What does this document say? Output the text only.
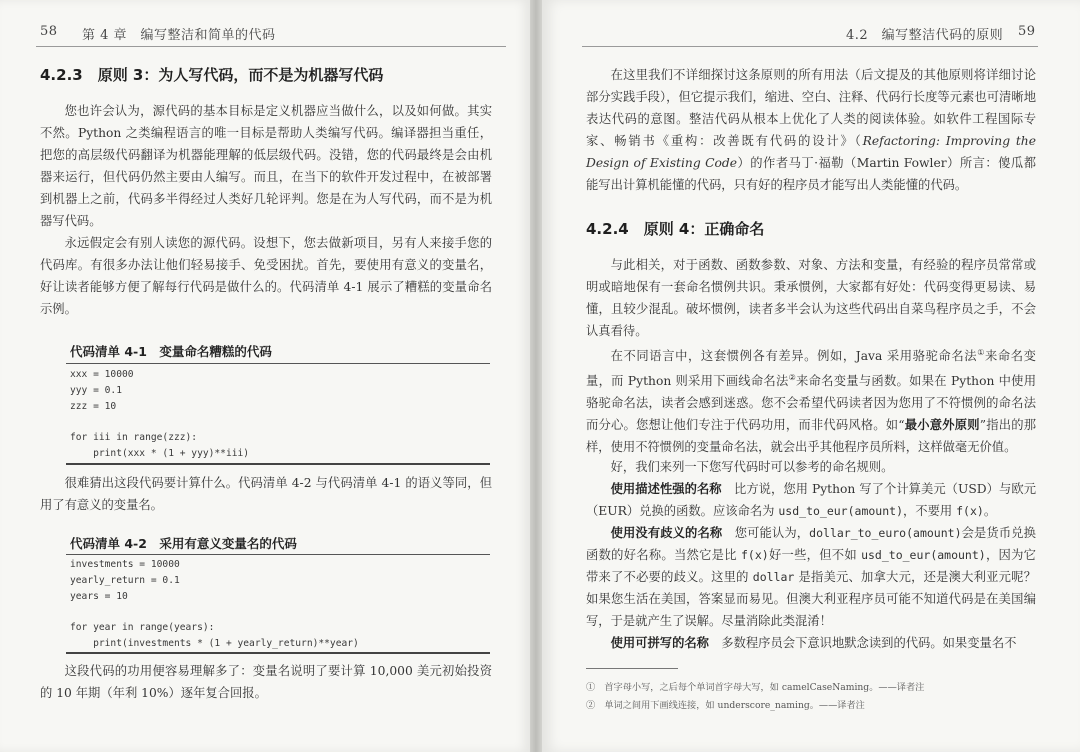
58 第 4 章　编写整洁和简单的代码
4.2.3　原则 3：为人写代码，而不是为机器写代码
您也许会认为，源代码的基本目标是定义机器应当做什么，以及如何做。其实不然。Python 之类编程语言的唯一目标是帮助人类编写代码。编译器担当重任，把您的高层级代码翻译为机器能理解的低层级代码。没错，您的代码最终是会由机器来运行，但代码仍然主要由人编写。而且，在当下的软件开发过程中，在被部署到机器上之前，代码多半得经过人类好几轮评判。您是在为人写代码，而不是为机器写代码。
永远假定会有别人读您的源代码。设想下，您去做新项目，另有人来接手您的代码库。有很多办法让他们轻易接手、免受困扰。首先，要使用有意义的变量名，好让读者能够方便了解每行代码是做什么的。代码清单 4-1 展示了糟糕的变量命名示例。
代码清单 4-1　变量命名糟糕的代码
xxx = 10000
yyy = 0.1
zzz = 10

for iii in range(zzz):
print(xxx * (1 + yyy)**iii)
很难猜出这段代码要计算什么。代码清单 4-2 与代码清单 4-1 的语义等同，但用了有意义的变量名。
代码清单 4-2　采用有意义变量名的代码
investments = 10000
yearly_return = 0.1
years = 10

for year in range(years):
print(investments * (1 + yearly_return)**year)
这段代码的功用便容易理解多了：变量名说明了要计算 10,000 美元初始投资的 10 年期（年利 10%）逐年复合回报。
4.2　编写整洁代码的原则 59
在这里我们不详细探讨这条原则的所有用法（后文提及的其他原则将详细讨论部分实践手段），但它提示我们，缩进、空白、注释、代码行长度等元素也可清晰地表达代码的意图。整洁代码从根本上优化了人类的阅读体验。如软件工程国际专家、畅销书《重构：改善既有代码的设计》（Refactoring: Improving the Design of Existing Code）的作者马丁·福勒（Martin Fowler）所言：傻瓜都能写出计算机能懂的代码，只有好的程序员才能写出人类能懂的代码。
4.2.4　原则 4：正确命名
与此相关，对于函数、函数参数、对象、方法和变量，有经验的程序员常常或明或暗地保有一套命名惯例共识。秉承惯例，大家都有好处：代码变得更易读、易懂，且较少混乱。破坏惯例，读者多半会认为这些代码出自菜鸟程序员之手，不会认真看待。
在不同语言中，这套惯例各有差异。例如，Java 采用骆驼命名法①来命名变量，而 Python 则采用下画线命名法②来命名变量与函数。如果在 Python 中使用骆驼命名法，读者会感到迷惑。您不会希望代码读者因为您用了不符惯例的命名法而分心。您想让他们专注于代码功用，而非代码风格。如“最小意外原则”指出的那样，使用不符惯例的变量命名法，就会出乎其他程序员所料，这样做毫无价值。
好，我们来列一下您写代码时可以参考的命名规则。
使用描述性强的名称　比方说，您用 Python 写了个计算美元（USD）与欧元（EUR）兑换的函数。应该命名为 usd_to_eur(amount)，不要用 f(x)。
使用没有歧义的名称　您可能认为，dollar_to_euro(amount)会是货币兑换函数的好名称。当然它是比 f(x)好一些，但不如 usd_to_eur(amount)，因为它带来了不必要的歧义。这里的 dollar 是指美元、加拿大元，还是澳大利亚元呢？如果您生活在美国，答案显而易见。但澳大利亚程序员可能不知道代码是在美国编写，于是就产生了误解。尽量消除此类混淆！
使用可拼写的名称　多数程序员会下意识地默念读到的代码。如果变量名不
①　首字母小写，之后每个单词首字母大写，如 camelCaseNaming。——译者注
②　单词之间用下画线连接，如 underscore_naming。——译者注
